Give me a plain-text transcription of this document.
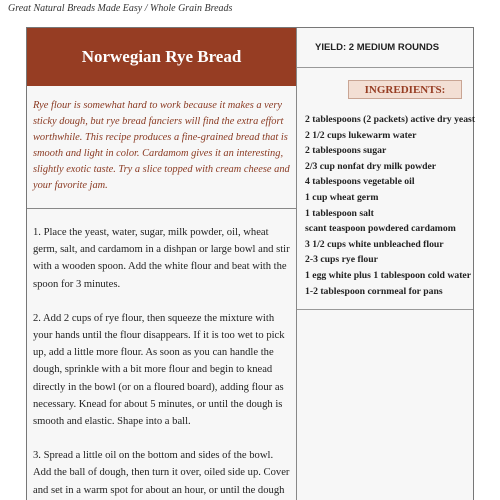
Great Natural Breads Made Easy / Whole Grain Breads
Norwegian Rye Bread
Rye flour is somewhat hard to work because it makes a very sticky dough, but rye bread fanciers will find the extra effort worthwhile. This recipe produces a fine-grained bread that is smooth and light in color. Cardamom gives it an interesting, slightly exotic taste. Try a slice topped with cream cheese and your favorite jam.

1. Place the yeast, water, sugar, milk powder, oil, wheat germ, salt, and cardamom in a dishpan or large bowl and stir with a wooden spoon. Add the white flour and beat with the spoon for 3 minutes.

2. Add 2 cups of rye flour, then squeeze the mixture with your hands until the flour disappears. If it is too wet to pick up, add a little more flour. As soon as you can handle the dough, sprinkle with a bit more flour and begin to knead directly in the bowl (or on a floured board), adding flour as necessary. Knead for about 5 minutes, or until the dough is smooth and elastic. Shape into a ball.

3. Spread a little oil on the bottom and sides of the bowl. Add the ball of dough, then turn it over, oiled side up. Cover and set in a warm spot for about an hour, or until the dough

YIELD: 2 MEDIUM ROUNDS
INGREDIENTS:
2 tablespoons (2 packets) active dry yeast
2 1/2 cups lukewarm water
2 tablespoons sugar
2/3 cup nonfat dry milk powder
4 tablespoons vegetable oil
1 cup wheat germ
1 tablespoon salt
scant teaspoon powdered cardamom
3 1/2 cups white unbleached flour
2-3 cups rye flour
1 egg white plus 1 tablespoon cold water
1-2 tablespoon cornmeal for pans
